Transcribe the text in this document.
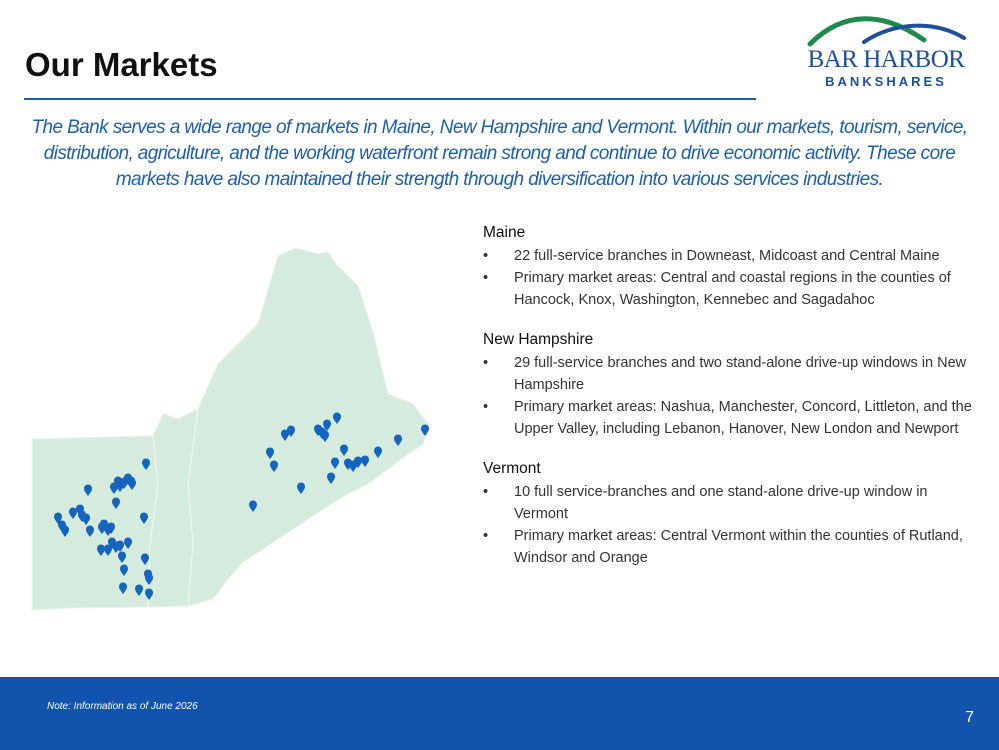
Our Markets	BAR HARBOR
BANKSHARES
The Bank serves a wide range of markets in Maine, New Hampshire and Vermont. Within our markets, tourism, service, distribution, agriculture, and the working waterfront remain strong and continue to drive economic activity. These core markets have also maintained their strength through diversification into various services industries.
Maine
• 22 full-service branches in Downeast, Midcoast and Central Maine
• Primary market areas: Central and coastal regions in the counties of Hancock, Knox, Washington, Kennebec and Sagadahoc
New Hampshire
• 29 full-service branches and two stand-alone drive-up windows in New Hampshire
• Primary market areas: Nashua, Manchester, Concord, Littleton, and the Upper Valley, including Lebanon, Hanover, New London and Newport
Vermont
• 10 full service-branches and one stand-alone drive-up window in Vermont
• Primary market areas: Central Vermont within the counties of Rutland, Windsor and Orange
Note: Information as of June 2026
7
